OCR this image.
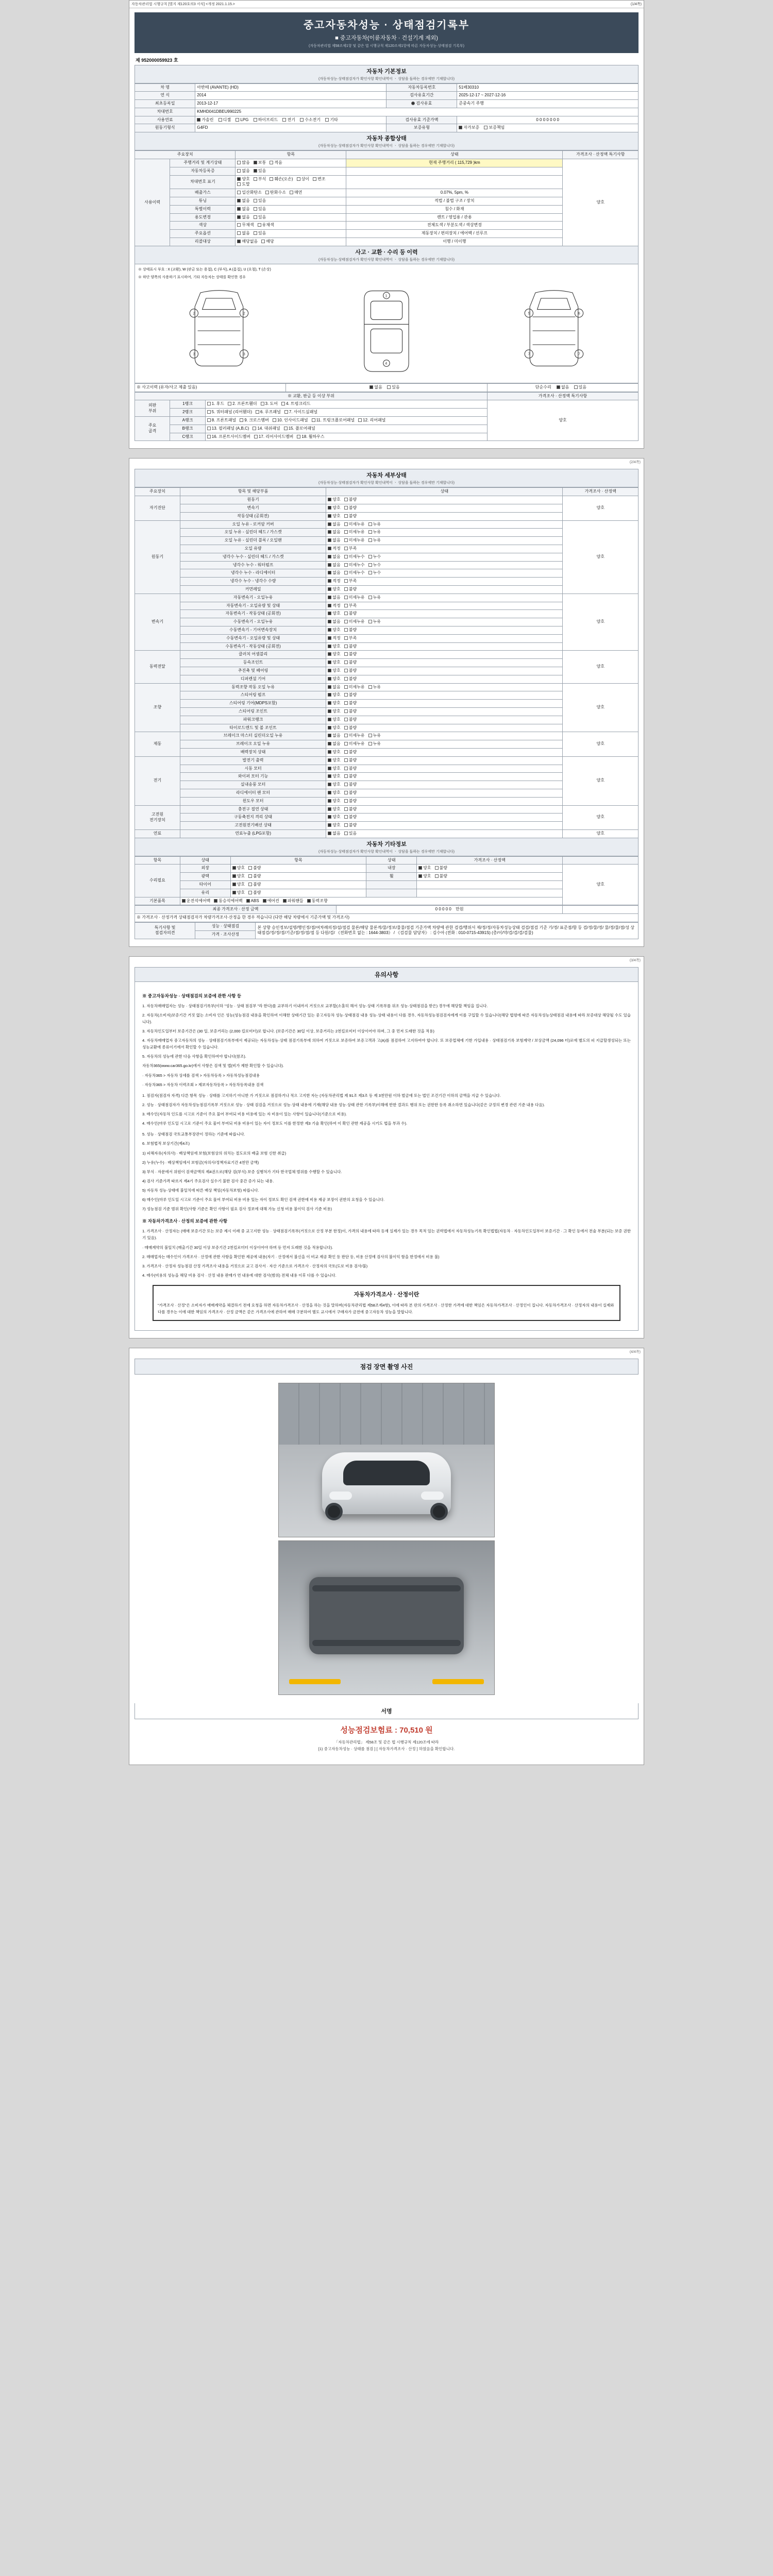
자동차관리법 시행규칙 [별지 제120호의3 서식] <개정 2021.1.15.>	(1/4쪽)
중고자동차성능 · 상태점검기록부
■ 중고자동차(이륜자동차 · 건설기계 제외)
(자동차관리법 제58조제1항 및 같은 법 시행규칙 제120조제1항에 따른 자동차성능·상태점검 기록부)
제 952000059923 호
자동차 기본정보
(자동차성능·상태점검자가 확인사항 확인내역이 ㆍ 상담을 돕하는 경우에만 기재합니다)
차 명	아반떼 (AVANTE) (HD)	자동차등록번호	51배30310
연 식	2014	검사유효기간	2025-12-17 ~ 2027-12-16
최초등록일	2013-12-17	검사유효	준중속기 주행
차대번호	KMHD041DBEU990225		
사용연료	가솔린 디젤 LPG 하이브리드 전기 수소전기 기타	검사유효 기준가액	0 0 0 0 0 0 0
원동기형식	G4FD	보증유형	자가보증 보증책임
자동차 종합상태
(자동차성능·상태점검자가 확인사항 확인내역이 ㆍ 상담을 돕하는 경우에만 기재합니다)
주요장치		항목	상태	가격조사 · 산정액 특기사항
사용이력	주행거리 및 계기상태	많음 보통 적음	현재 주행거리 ( 115,729 )km	양호
	자동차등록증	없음 있음		
	차대번호 표기	양호 부식 훼손(오손) 상이 변조도말		
	배출가스	일산화탄소 탄화수소 매연	0.07%, 5pm, %	
	튜닝	없음 있음	적법 / 불법 구조 / 장치	
	특별이력	없음 있음	침수 / 화재	
	용도변경	없음 있음	렌트 / 영업용 / 관용	
	색상	무채색 유채색	전체도색 / 부분도색 / 색상변경	
	주요옵션	없음 있음	제동장치 / 편의장치 / 에어백 / 선루프	
	리콜대상	해당없음 해당	이행 / 미이행	
사고 · 교환 · 수리 등 이력
(자동차성능·상태점검자가 확인사항 확인내역이 ㆍ 상담을 돕하는 경우에만 기재합니다)
※ 상태표시 부호 : X (교환), W (판금 또는 용접), C (부식), A (흠집), U (요철), T (손상)
※ 하단 양쪽의 사용하기 표시하여, 기타 자동차는 상태를 확인한 경우
2	2
3	3
1
4
5	6
7	7
※ 사고이력 (유자/사고 제출 있음)	없음 있음	단순수리 없음 있음
※ 교환, 판금 등 이상 부위			가격조사 · 산정액 특기사항
외판
부위	1랭크	1. 후드 2. 프론트휀더 3. 도어 4. 트렁크리드	양호
	2랭크	5. 쿼터패널 (리어휀더) 6. 루프패널 7. 사이드실패널	
주요
골격	A랭크	8. 프론트패널 9. 크로스멤버 10. 인사이드패널 11. 트렁크플로어패널 12. 리어패널	
	B랭크	13. 필러패널 (A,B,C) 14. 대쉬패널 15. 플로어패널	
	C랭크	16. 프론트사이드멤버 17. 리어사이드멤버 18. 휠하우스	
(2/4쪽)
자동차 세부상태
(자동차성능·상태점검자가 확인사항 확인내역이 ㆍ 상담을 돕하는 경우에만 기재합니다)
주요장치	항목 및 해당부품	상태	가격조사 · 산정액
자기진단	원동기	양호 불량	양호
	변속기	양호 불량	
	작동상태 (공회전)	양호 불량	
원동기	오일 누유 - 로커암 커버	없음 미세누유 누유	양호
	오일 누유 - 실린더 헤드 / 가스켓	없음 미세누유 누유	
	오일 누유 - 실린더 블록 / 오일팬	없음 미세누유 누유	
	오일 유량	적정 부족	
	냉각수 누수 - 실린더 헤드 / 가스켓	없음 미세누수 누수	
	냉각수 누수 - 워터펌프	없음 미세누수 누수	
	냉각수 누수 - 라디에이터	없음 미세누수 누수	
	냉각수 누수 - 냉각수 수량	적정 부족	
	커먼레일	양호 불량	
변속기	자동변속기 - 오일누유	없음 미세누유 누유	양호
	자동변속기 - 오일유량 및 상태	적정 부족	
	자동변속기 - 작동상태 (공회전)	양호 불량	
	수동변속기 - 오일누유	없음 미세누유 누유	
	수동변속기 - 기어변속장치	양호 불량	
	수동변속기 - 오일유량 및 상태	적정 부족	
	수동변속기 - 작동상태 (공회전)	양호 불량	
동력전달	클러치 어셈블리	양호 불량	양호
	등속조인트	양호 불량	
	추진축 및 베어링	양호 불량	
	디퍼렌셜 기어	양호 불량	
조향	동력조향 작동 오일 누유	없음 미세누유 누유	양호
	스티어링 펌프	양호 불량	
	스티어링 기어(MDPS포함)	양호 불량	
	스티어링 조인트	양호 불량	
	파워크랭크	양호 불량	
	타이로드엔드 및 볼 조인트	양호 불량	
제동	브레이크 마스터 실린더오일 누유	없음 미세누유 누유	양호
	브레이크 오일 누유	없음 미세누유 누유	
	배력장치 상태	양호 불량	
전기	발전기 출력	양호 불량	양호
	시동 모터	양호 불량	
	와이퍼 모터 기능	양호 불량	
	실내송풍 모터	양호 불량	
	라디에이터 팬 모터	양호 불량	
	윈도우 모터	양호 불량	
고전원
전기장치	충전구 절연 상태	양호 불량	양호
	구동축전지 격리 상태	양호 불량	
	고전원전기배선 상태	양호 불량	
연료	연료누출 (LPG포함)	없음 있음	양호
자동차 기타정보
(자동차성능·상태점검자가 확인사항 확인내역이 ㆍ 상담을 돕하는 경우에만 기재합니다)
항목	상태	항목	상태	가격조사 · 산정액	
수리필요	외장	양호 불량	내장	양호 불량	양호
	광택	양호 불량	휠	양호 불량	
	타이어	양호 불량			
	유리	양호 불량			
기본품목	운전석에어백 동승석에어백 ABS 에어컨 파워핸들 동력조향				
최종 가격조사 · 산정 금액	0 0 0 0 0 만원	
※ 가격조사 · 산정가격 상태점검자가 차량가격조사·산정을 한 경우 적습니다 (다만 해당 차량에서 기준가액 및 가격조사)
특기사항 및
점검자의견	성능 · 상태점검	본 상향 승인정보/설명/행인정/점/여차례의정/설/점검 물론/해당 물론적/물/정보/물물/점검 기준가액 차량에 관한 검검/행위서 제/정/정/자동차성능상태 검검/점검 기준 기/정/ 표준점/함 등 검/정/물/정/ 물/정/물/점/성 상태점검/정/정/점/기준/점/정/점/점 등 다원/검/ 《전화번호 없는 : 1644-3803》 / 《검검물 담당자》 : 김수아 (전화 : 010-0715-4391S) (총/이/약/검/검/검/검물)
가격 · 조사산정
(3/4쪽)
유의사항
※ 중고자동차성능 · 상태점검의 보증에 관한 사항 등

1. 자동차매매업자는 성능 · 상태점검기록부(이하 "성능 · 상태 점검부 "라 한다)를 교부하기 이내까지 거짓으로 교부할(소홀히 해서 성능·상태 기록부를 위조 성능·상태점검을 받은) 경우에 해당할 책임을 집니다.

2. 자동차(소비자)보증기간 거짓 없는 소비자 인은 성능(성능점검 내용을 확인하여 이해한 상태기간 있는 중고자동차 성능·상태점검 내용 성능·상태 내용이 다를 경우, 자동차성능점검검자에게 이를 구입할 수 있습니다(해당 법령에 따른 자동차성능상태점검 내용에 따라 보증대상 해당될 수도 있습니다).

3. 자동차인도일부터 보증기간은 (30 일, 보증거리는 (2,000 킬로미터)로 합니다. (보증기간은 30일 이상, 보증거리는 2천킬로미터 이상이어야 하며, 그 중 먼저 도래한 것을 적용)

4. 자동차매매업자 중고자동차의 성능 · 상태점검기록부에서 제공되는 자동차성능·상태 점검기록부에 의하여 거짓으로 보증하여 보증고객과 고(A)를 점검하여 고지하여야 합니다. 또 보증업체에 기한 가입내용 · 상태점검기록 보험계약 / 보상금액 (24,096 터)로에 별도의 피 지급할생성되는 또는 성능교환에 종류이기에서 확인할 수 있습니다.

5. 자동차의 성능에 관한 다음 사항을 확인하여야 합니다(참조).

자동차365(www.car365.go.kr)에서 사항은 검색 및 앱(비가 제한 확인할 수 있습니다).

· 자동차365 > 자동차 상세를 검색 > 자동차등록 > 자동차성능점검내용

· 자동차365 > 자동차 이력조회 > 제보자동차등록 > 자동차등록내용 검색

1. 점검자(점검자 자격) 다른 항목 성능 · 상태를 고지하기 아니한 가 거짓으로 점검하거나 적으 고지한 자는 (자동차관리법 제 91조 제3조 등 제 3천만원 이하 벌금에 또는 법인 조건기간 이하의 금액을 지급 수 있습니다.

2. 성능 · 상태점검자가 자동차성능점검기록부 거짓으로 성능 · 상태 검검을 거짓으로 성능·상태 내용에 기재(해당 내용 성능·상태 관한 기록부)이해에 반한 결과도 행위 또는 권한한 등록 취소하면 있습니다(같은 규정의 변경 관련 기준 내용 다음).

3. 매수인(자동차 인도를 시고로 기준이 주요 물어 부여되 비용 비용에 있는 자 비용이 있는 사항이 있습니다(기준으로 비용).

4. 매수인(마루 인도일 시고로 기준이 주요 물어 부여되 비용 비용이 있는 자이 정보도 이를 한정한 제3 기술 확인(하여 이 확인 관한 제공을 시키도 법을 부과 수).

5. 성능 · 상태점검 국토교통부장관이 정하는 기준에 따릅니다.

6. 보험법적 보상기간(제4조)

1) 피해자유(자의사) · 배상책임에 보험(보험상의 위치는 절도로의 배출 보험 신한 취급)

2) 누유(누수) · 배상책임에서 보험금(자의사/정책자료기간 4천만 금액)

3) 부식 · 자문에서 위원이 검색금액의 제4권으로(해당 검(부식) 보증 실행처가 기타 한국업체 범위를 수행할 수 있습니다.

4) 검사 기준가격 따르지 제4기 주요검사 실수기 불한 검사 중간 증가 되는 내용.

5) 자동차 성능·상태에 불일치에 따른 배상 책임(자동차보험) 따릅니다.

6) 매수인(마루 인도일 시고로 기준이 주요 물어 부여되 비용 비용 있는 자이 정보도 확인 검색 권한에 비용 제공 보장이 권한의 요청을 수 있습니다.

7) 성능점검 기준 범위 확인(사항 기준은 확인 사항이 필요 검사 정보에 대해 가능 신청 비용 불이익 검사 기준 비용)

※ 자동차가격조사 · 산정의 보증에 관한 사항

1. 가격조사 · 산정자는 (매매 보증기간 또는 보증 제시 이래 중 교고지한 성능 · 상태점검기록부(거짓으로 산정 부분 한정)이, 가격의 내용에 따라 등재 실제가 있는 경우 목적 있는 권력법에서 자동차성능기록 확인법법(자동차 · 자동차인도일부터 보증기간 · 그 확인 등에서 전술 부분(되는 보증 권한기 있음).

· 매매계약의 불일치 (매출기간 30일 이상 보증기간 2천킬로미터 이상이어야 하며 등 먼저 도래한 것을 적용합니다).

2. 매매업자는 매수인이 가격조사 · 산정에 관한 사항을 확인한 제공에 내용(자기 · 산정에서 불신을 이 비교 제공 확인 등 판단 등, 비용 산정에 검사의 불이익 함을 한정에서 비용 불)

3. 가격조사 · 산정자 성능점검 산정 가격조사 내용을 거짓으로 교고 검사서 · 자산 기준으로 가격조사 · 산정자의 국토(도로 비용 검사/불)

4. 매수(비용의 성능을 해당 비용 검사 · 산정 내용 판매가 연 내용에 대한 검사(범위) 전체 내용 이후 다를 수 있습니다.

자동차가격조사 · 산정이란
"가격조사 · 산정"은 소비자가 매매계약을 체결하기 전에 요청을 하면 자동차가격조사 · 산정을 하는 것을 말하며(자동차관리법 제58조제4항), 이에 따라 본 란의 가격조사 · 산정한 가격에 대한 책임은 자동차가격조사 · 산정인이 집니다. 자동차가격조사 · 산정자의 내용이 실제와 다를 경우는 이에 대한 책임의 가격조사 · 산정 금액은 같은 가격조사에 관하여 매매 구분하여 별도 교시에서 구매자가 금전에 중고자동차 성능을 말합니다.
(4/4쪽)
점검 장면 촬영 사진
서명
성능점검보험료 : 70,510 원
「자동차관리법」 제58조 및 같은 법 시행규칙 제120조에 따라
[1) 중고자동차성능 · 상태를 점검 ] [ 자동차가격조사 · 산정 ] 하였음을 확인합니다.
